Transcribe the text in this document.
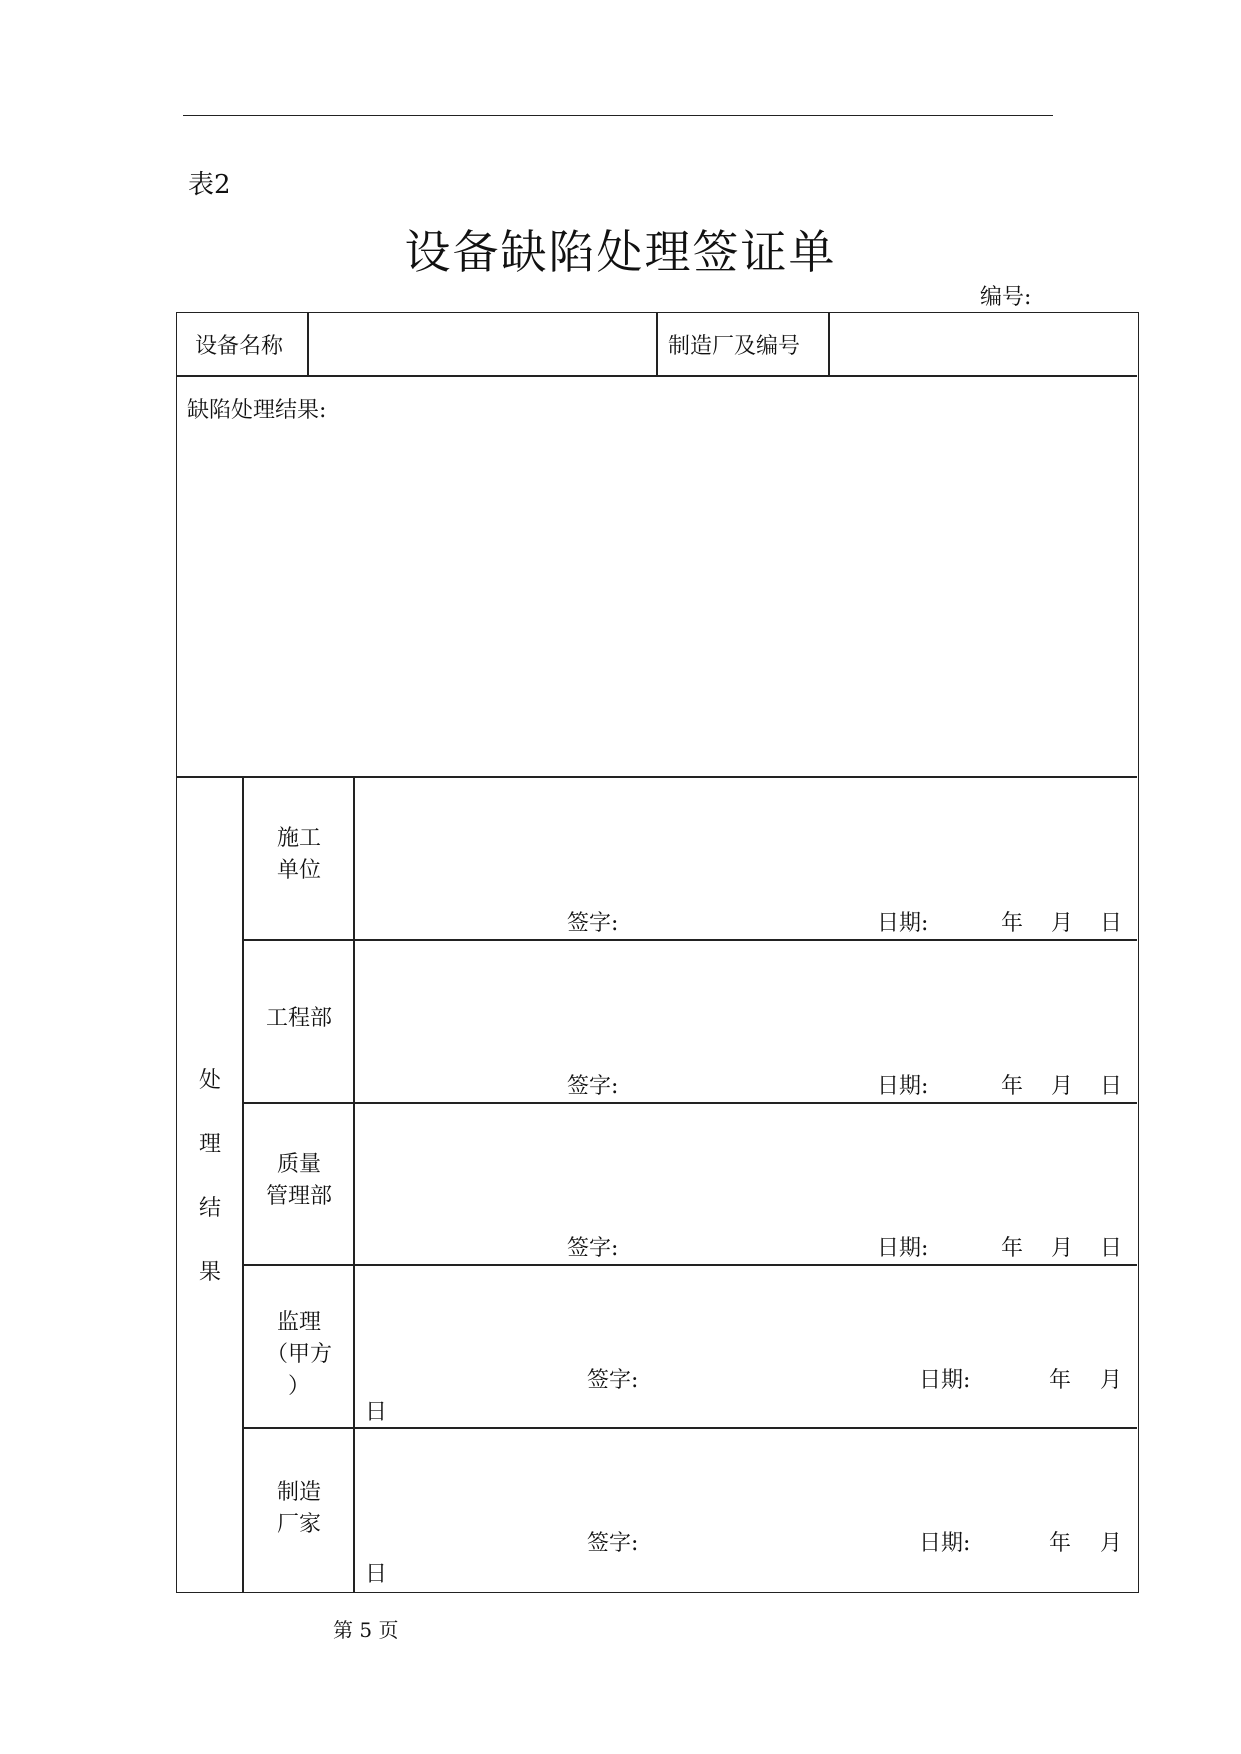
表2
设备缺陷处理签证单
编号:
设备名称	制造厂及编号
缺陷处理结果:
处
理
结
果
施工
单位
签字:	日期:	年 月 日
工程部
签字:	日期:	年 月 日
质量
管理部
签字:	日期:	年 月 日
监理
（甲方
）	签字:	日期:	年 月
日
制造
厂家
签字:	日期:	年 月
日
第 5 页
